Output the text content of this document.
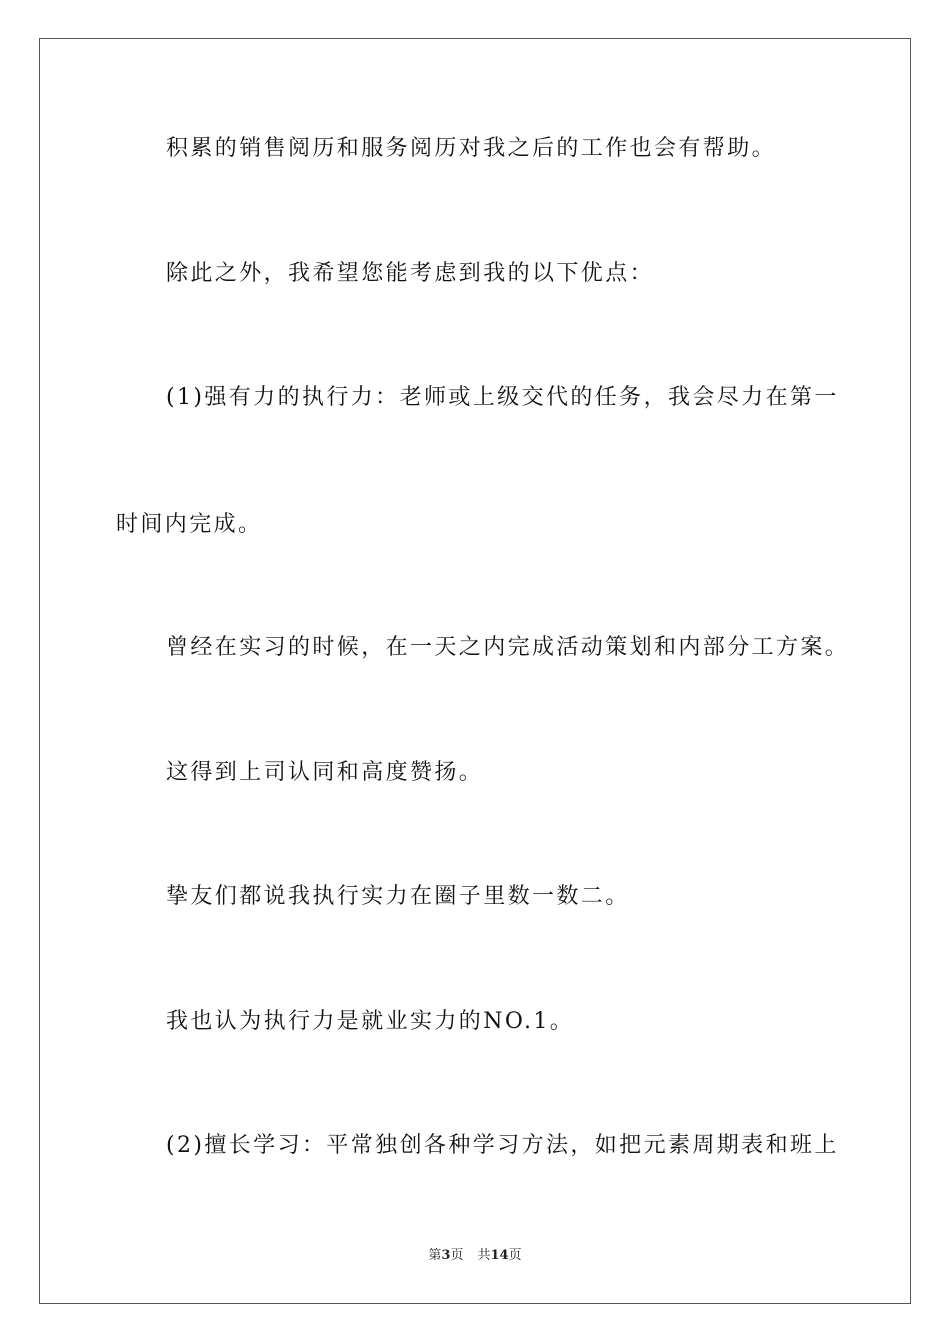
积累的销售阅历和服务阅历对我之后的工作也会有帮助。
除此之外，我希望您能考虑到我的以下优点：
(1)强有力的执行力：老师或上级交代的任务，我会尽力在第一
时间内完成。
曾经在实习的时候，在一天之内完成活动策划和内部分工方案。
这得到上司认同和高度赞扬。
挚友们都说我执行实力在圈子里数一数二。
我也认为执行力是就业实力的NO.1。
(2)擅长学习：平常独创各种学习方法，如把元素周期表和班上
第3页 共14页
